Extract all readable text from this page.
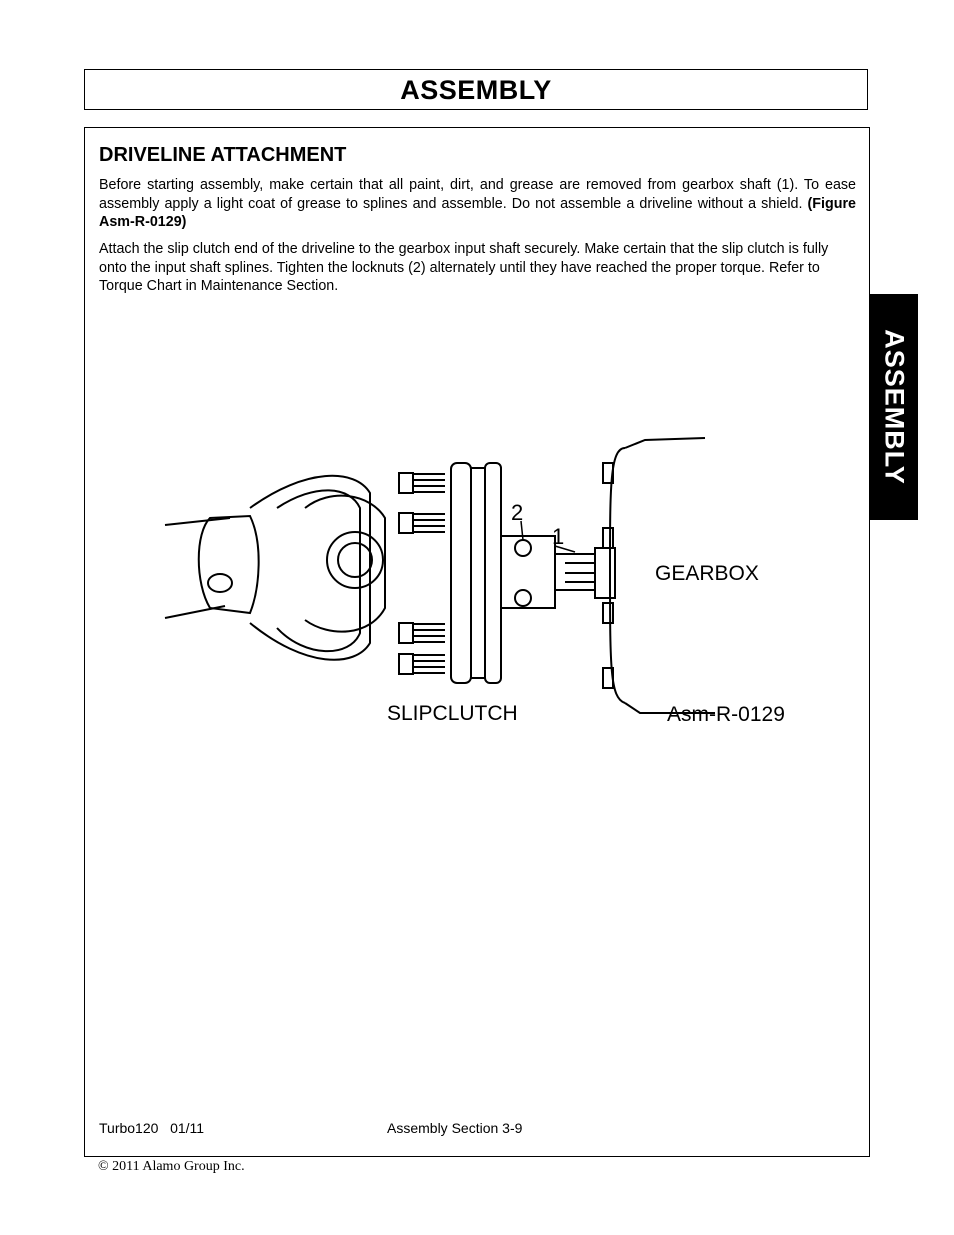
ASSEMBLY
DRIVELINE ATTACHMENT
Before starting assembly, make certain that all paint, dirt, and grease are removed from gearbox shaft (1). To ease assembly apply a light coat of grease to splines and assemble. Do not assemble a driveline without a shield. (Figure Asm-R-0129)
Attach the slip clutch end of the driveline to the gearbox input shaft securely. Make certain that the slip clutch is fully onto the input shaft splines. Tighten the locknuts (2) alternately until they have reached the proper torque. Refer to Torque Chart in Maintenance Section.
2
1
GEARBOX
SLIPCLUTCH	Asm-R-0129
Turbo120   01/11	Assembly Section 3-9
© 2011 Alamo Group Inc.
ASSEMBLY
